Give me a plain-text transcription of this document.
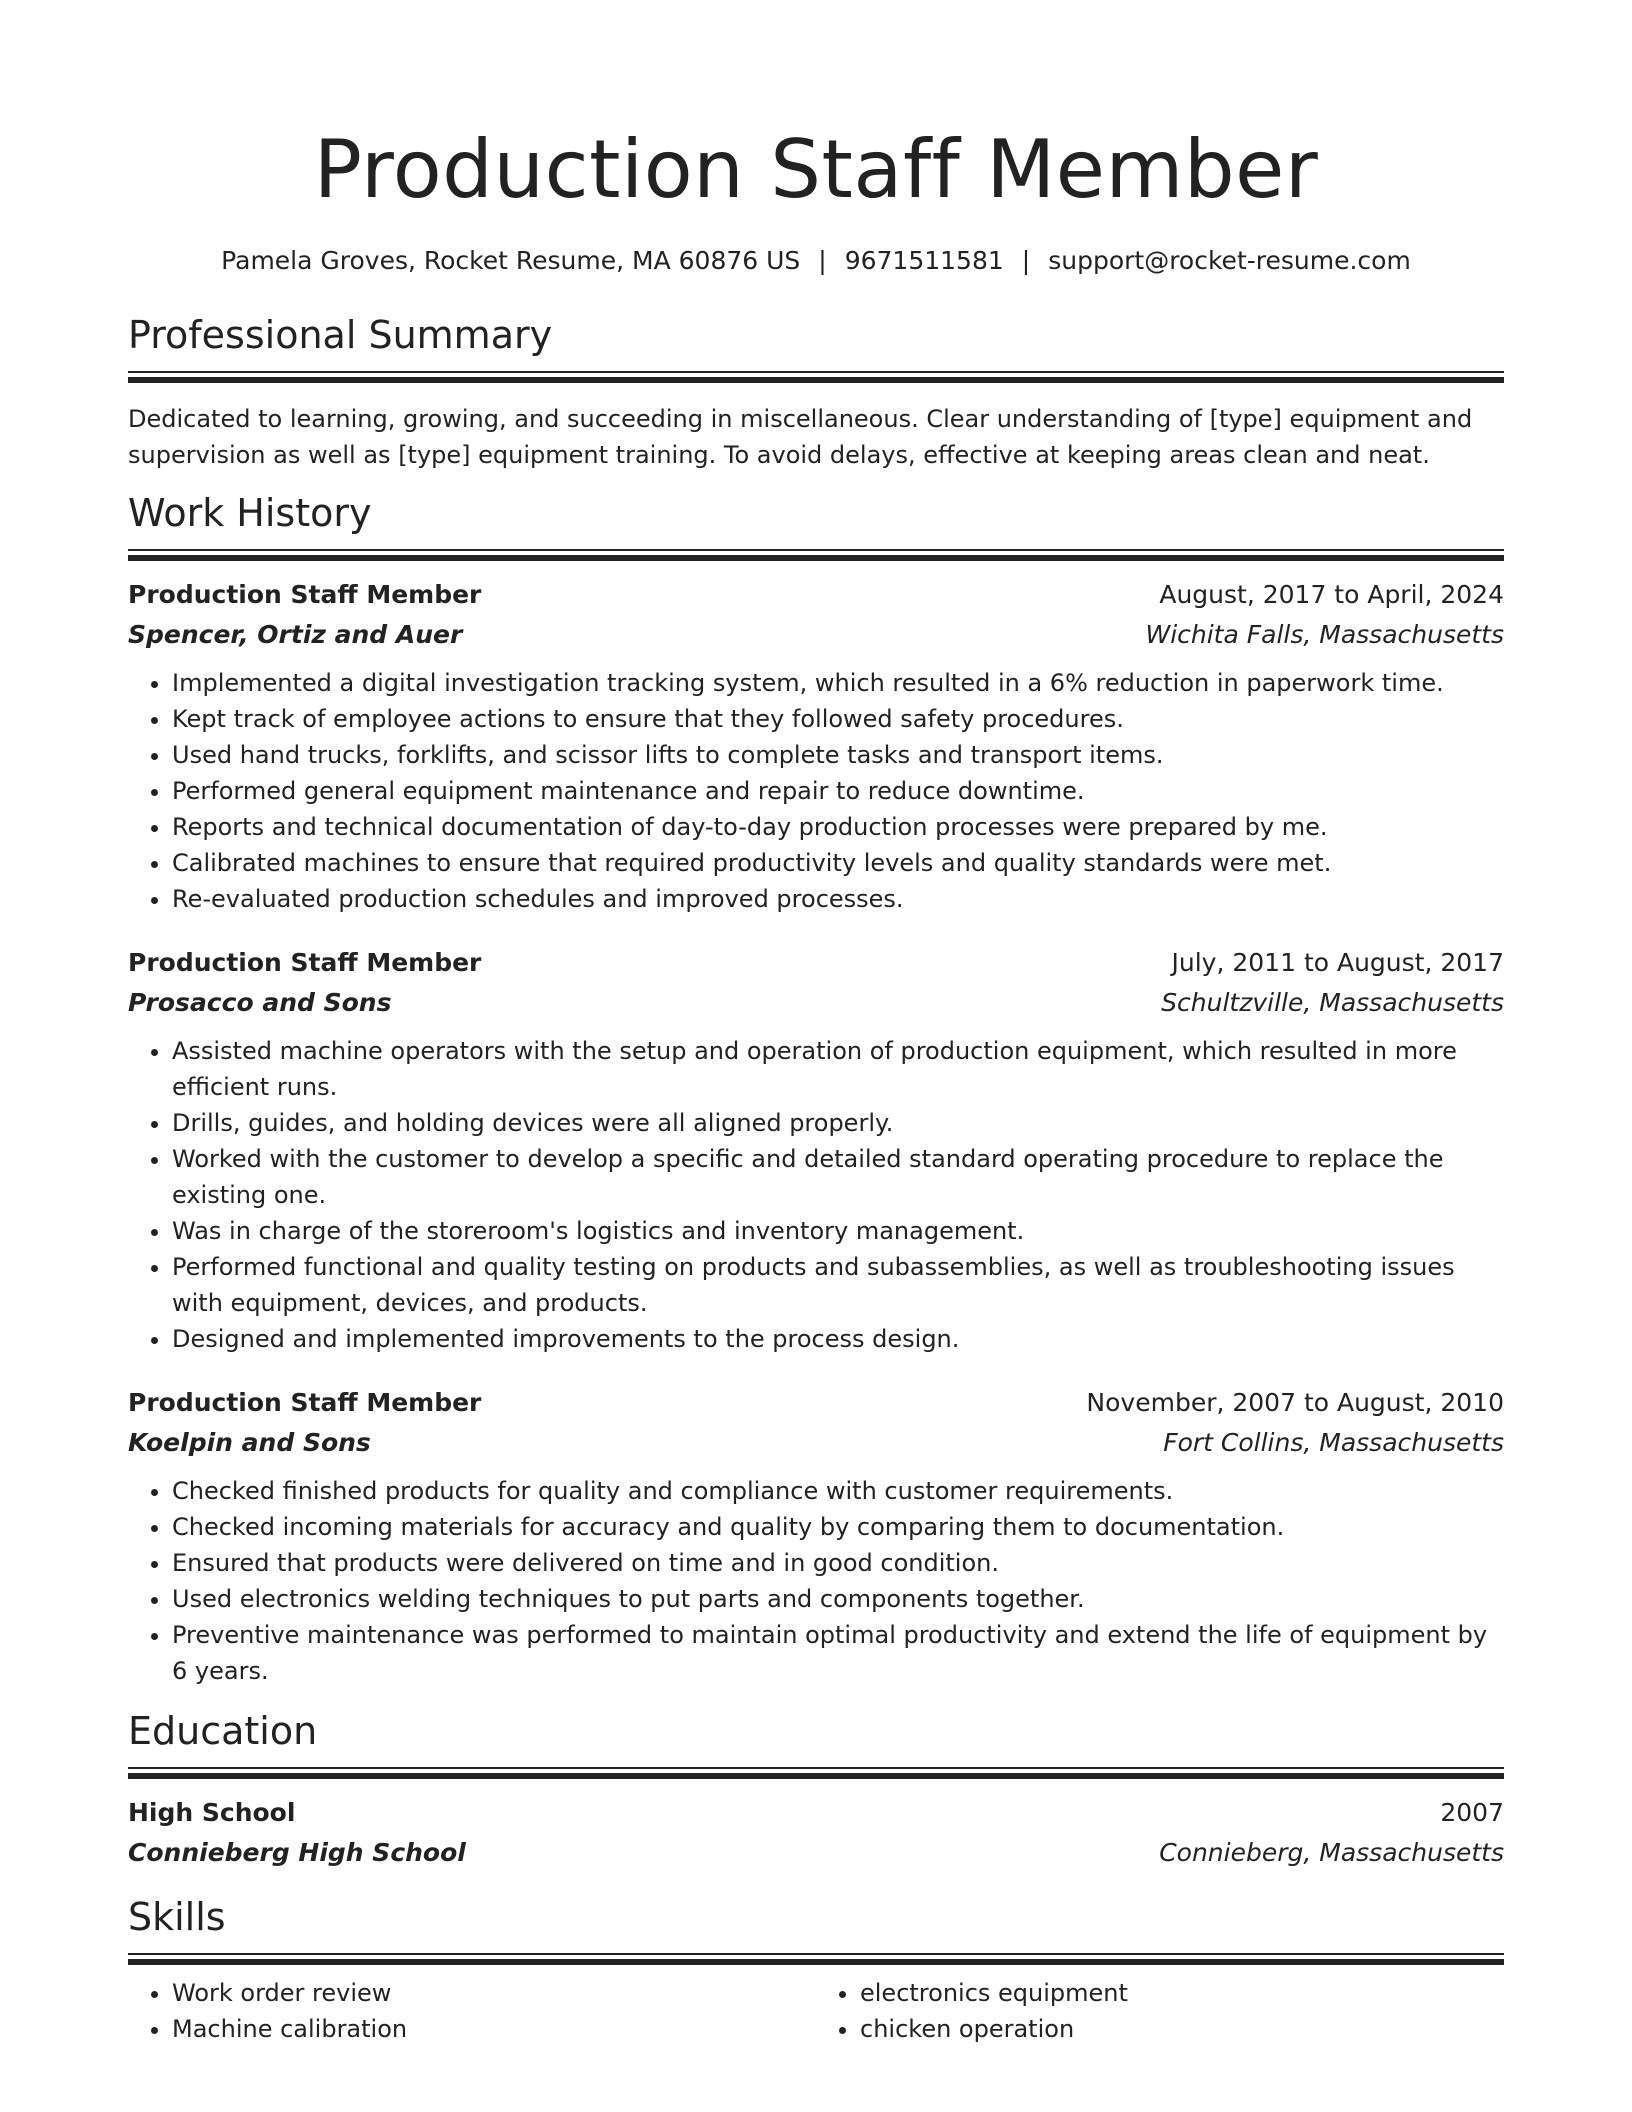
Production Staff Member
Pamela Groves, Rocket Resume, MA 60876 US | 9671511581 | support@rocket-resume.com
Professional Summary

Dedicated to learning, growing, and succeeding in miscellaneous. Clear understanding of [type] equipment and supervision as well as [type] equipment training. To avoid delays, effective at keeping areas clean and neat.

Work History
Production Staff Member	August, 2017 to April, 2024
Spencer, Ortiz and Auer	Wichita Falls, Massachusetts
• Implemented a digital investigation tracking system, which resulted in a 6% reduction in paperwork time.
• Kept track of employee actions to ensure that they followed safety procedures.
• Used hand trucks, forklifts, and scissor lifts to complete tasks and transport items.
• Performed general equipment maintenance and repair to reduce downtime.
• Reports and technical documentation of day-to-day production processes were prepared by me.
• Calibrated machines to ensure that required productivity levels and quality standards were met.
• Re-evaluated production schedules and improved processes.
Production Staff Member	July, 2011 to August, 2017
Prosacco and Sons	Schultzville, Massachusetts
• Assisted machine operators with the setup and operation of production equipment, which resulted in more efficient runs.
• Drills, guides, and holding devices were all aligned properly.
• Worked with the customer to develop a specific and detailed standard operating procedure to replace the existing one.
• Was in charge of the storeroom's logistics and inventory management.
• Performed functional and quality testing on products and subassemblies, as well as troubleshooting issues with equipment, devices, and products.
• Designed and implemented improvements to the process design.
Production Staff Member	November, 2007 to August, 2010
Koelpin and Sons	Fort Collins, Massachusetts
• Checked finished products for quality and compliance with customer requirements.
• Checked incoming materials for accuracy and quality by comparing them to documentation.
• Ensured that products were delivered on time and in good condition.
• Used electronics welding techniques to put parts and components together.
• Preventive maintenance was performed to maintain optimal productivity and extend the life of equipment by 6 years.
Education
High School	2007
Connieberg High School	Connieberg, Massachusetts
Skills
• Work order review
• Machine calibration
• electronics equipment
• chicken operation
